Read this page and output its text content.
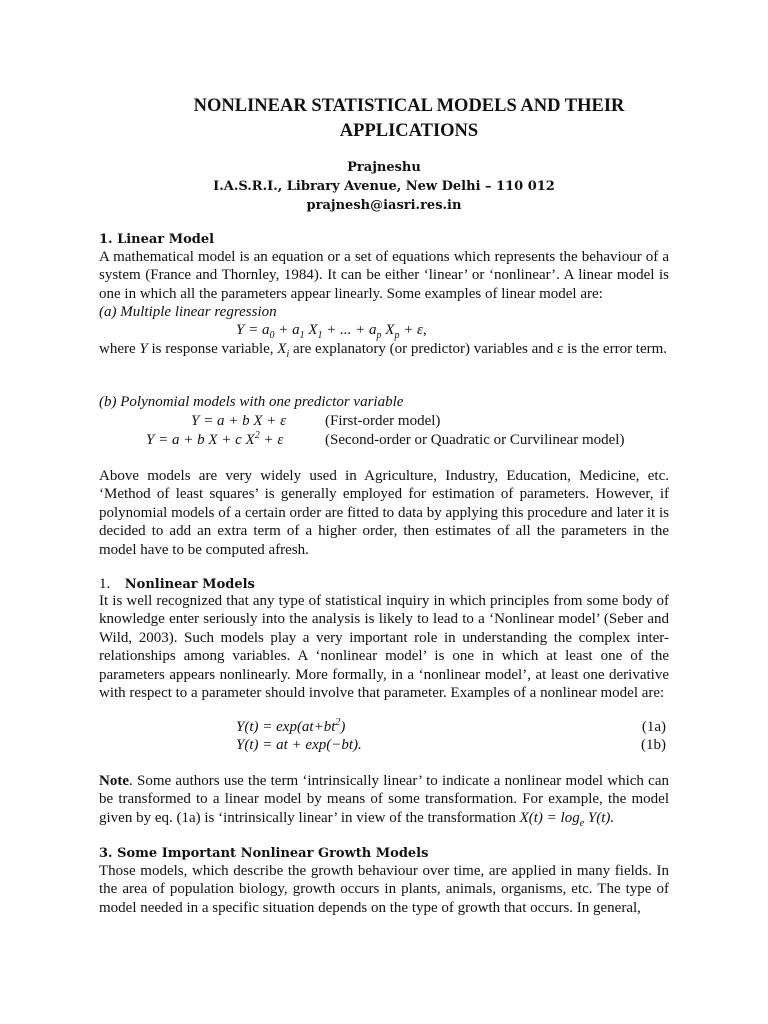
NONLINEAR STATISTICAL MODELS AND THEIR
APPLICATIONS
Prajneshu
I.A.S.R.I., Library Avenue, New Delhi – 110 012
prajnesh@iasri.res.in
1. Linear Model
A mathematical model is an equation or a set of equations which represents the behaviour of a system (France and Thornley, 1984). It can be either ‘linear’ or ‘nonlinear’. A linear model is one in which all the parameters appear linearly. Some examples of linear model are:
(a) Multiple linear regression
$Y = a_0 + a_1$ $X_1$ + ... + $a_p$ $X_p + \varepsilon$,
where Y is response variable, $X_i$ are explanatory (or predictor) variables and ε is the error term.
(b) Polynomial models with one predictor variable
Y = a + b X + ε	(First-order model)
Y = a + b X + c $X^2 + \varepsilon$	(Second-order or Quadratic or Curvilinear model)
Above models are very widely used in Agriculture, Industry, Education, Medicine, etc. ‘Method of least squares’ is generally employed for estimation of parameters. However, if polynomial models of a certain order are fitted to data by applying this procedure and later it is decided to add an extra term of a higher order, then estimates of all the parameters in the model have to be computed afresh.
1. Nonlinear Models
It is well recognized that any type of statistical inquiry in which principles from some body of knowledge enter seriously into the analysis is likely to lead to a ‘Nonlinear model’ (Seber and Wild, 2003). Such models play a very important role in understanding the complex inter-relationships among variables. A ‘nonlinear model’ is one in which at least one of the parameters appears nonlinearly. More formally, in a ‘nonlinear model’, at least one derivative with respect to a parameter should involve that parameter. Examples of a nonlinear model are:
$Y(t) = \exp(at+bt^2)$	(1a)
Y(t) = at + exp(−bt).	(1b)
Note. Some authors use the term ‘intrinsically linear’ to indicate a nonlinear model which can be transformed to a linear model by means of some transformation. For example, the model given by eq. (1a) is ‘intrinsically linear’ in view of the transformation $X(t) = \log_e Y(t)$.
3. Some Important Nonlinear Growth Models
Those models, which describe the growth behaviour over time, are applied in many fields. In the area of population biology, growth occurs in plants, animals, organisms, etc. The type of model needed in a specific situation depends on the type of growth that occurs. In general,
